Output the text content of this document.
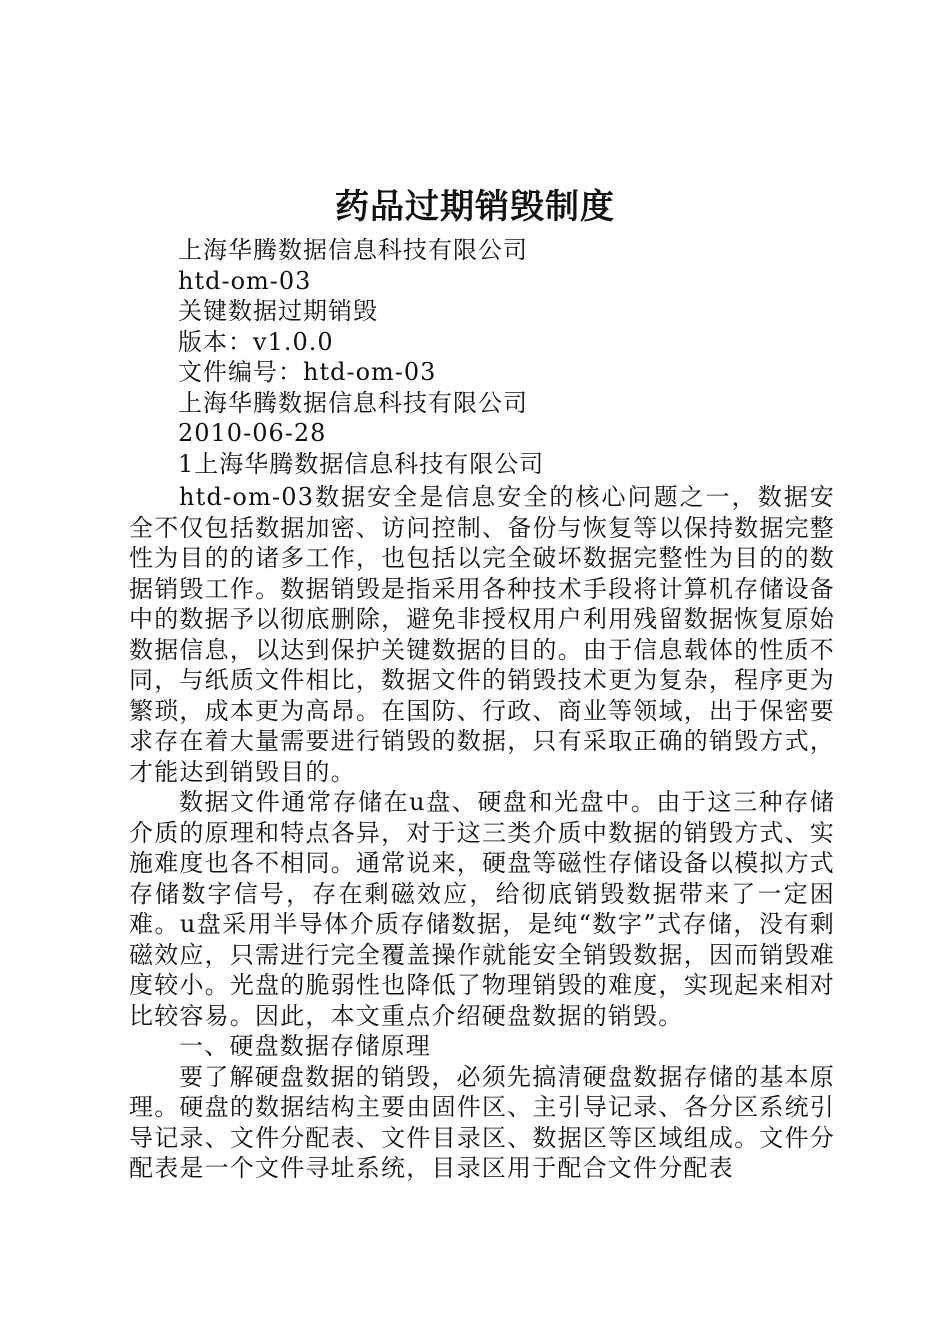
药品过期销毁制度
上海华腾数据信息科技有限公司
htd-om-03
关键数据过期销毁
版本：v1.0.0
文件编号：htd-om-03
上海华腾数据信息科技有限公司
2010-06-28
1上海华腾数据信息科技有限公司

htd-om-03数据安全是信息安全的核心问题之一，数据安全不仅包括数据加密、访问控制、备份与恢复等以保持数据完整性为目的的诸多工作，也包括以完全破坏数据完整性为目的的数据销毁工作。数据销毁是指采用各种技术手段将计算机存储设备中的数据予以彻底删除，避免非授权用户利用残留数据恢复原始数据信息，以达到保护关键数据的目的。由于信息载体的性质不同，与纸质文件相比，数据文件的销毁技术更为复杂，程序更为繁琐，成本更为高昂。在国防、行政、商业等领域，出于保密要求存在着大量需要进行销毁的数据，只有采取正确的销毁方式，才能达到销毁目的。

数据文件通常存储在u盘、硬盘和光盘中。由于这三种存储介质的原理和特点各异，对于这三类介质中数据的销毁方式、实施难度也各不相同。通常说来，硬盘等磁性存储设备以模拟方式存储数字信号，存在剩磁效应，给彻底销毁数据带来了一定困难。u盘采用半导体介质存储数据，是纯“数字”式存储，没有剩磁效应，只需进行完全覆盖操作就能安全销毁数据，因而销毁难度较小。光盘的脆弱性也降低了物理销毁的难度，实现起来相对比较容易。因此，本文重点介绍硬盘数据的销毁。

一、硬盘数据存储原理

要了解硬盘数据的销毁，必须先搞清硬盘数据存储的基本原理。硬盘的数据结构主要由固件区、主引导记录、各分区系统引导记录、文件分配表、文件目录区、数据区等区域组成。文件分配表是一个文件寻址系统，目录区用于配合文件分配表
